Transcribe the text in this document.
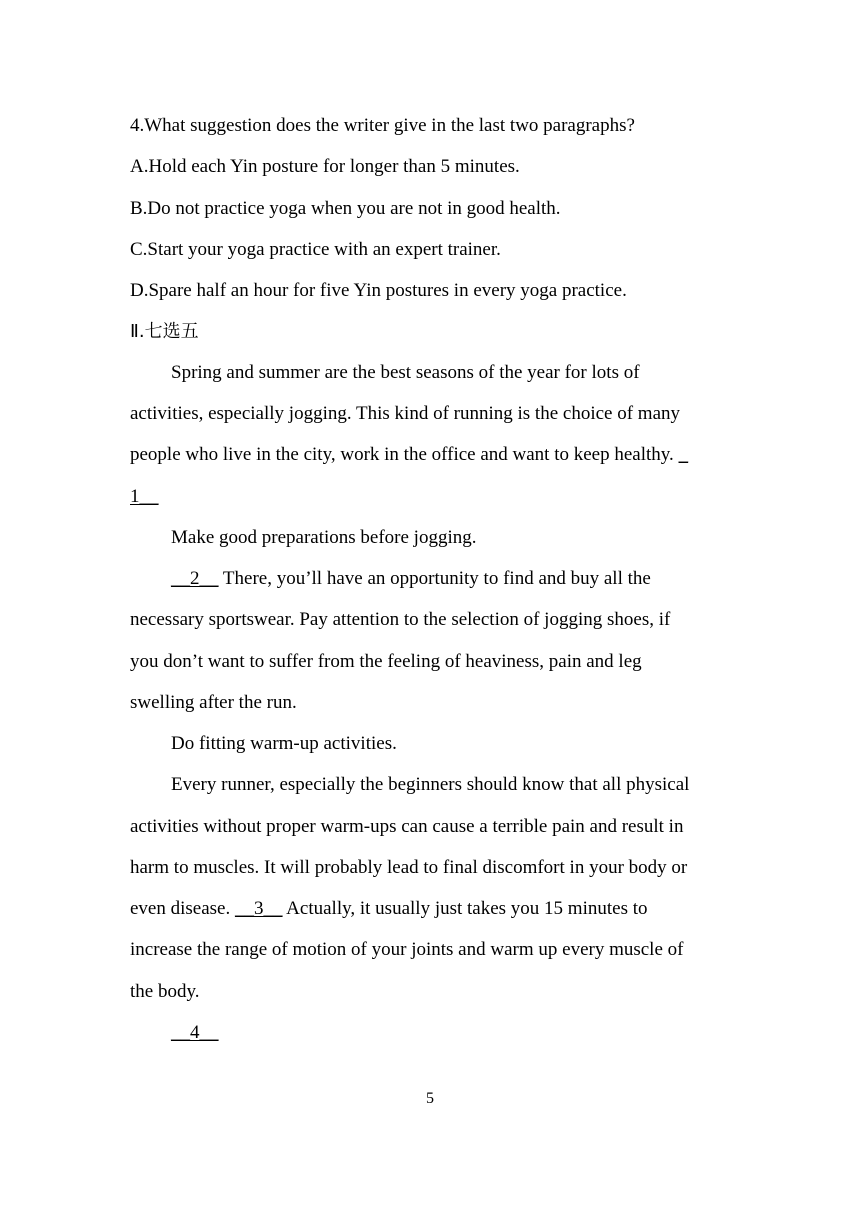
4.What suggestion does the writer give in the last two paragraphs?
A.Hold each Yin posture for longer than 5 minutes.
B.Do not practice yoga when you are not in good health.
C.Start your yoga practice with an expert trainer.
D.Spare half an hour for five Yin postures in every yoga practice.
Ⅱ.七选五
Spring and summer are the best seasons of the year for lots of
activities, especially jogging. This kind of running is the choice of many
people who live in the city, work in the office and want to keep healthy. _
1__
Make good preparations before jogging.
__2__ There, you’ll have an opportunity to find and buy all the
necessary sportswear. Pay attention to the selection of jogging shoes, if
you don’t want to suffer from the feeling of heaviness, pain and leg
swelling after the run.
Do fitting warm-up activities.
Every runner, especially the beginners should know that all physical
activities without proper warm-ups can cause a terrible pain and result in
harm to muscles. It will probably lead to final discomfort in your body or
even disease. __3__ Actually, it usually just takes you 15 minutes to
increase the range of motion of your joints and warm up every muscle of
the body.
__4__
5
